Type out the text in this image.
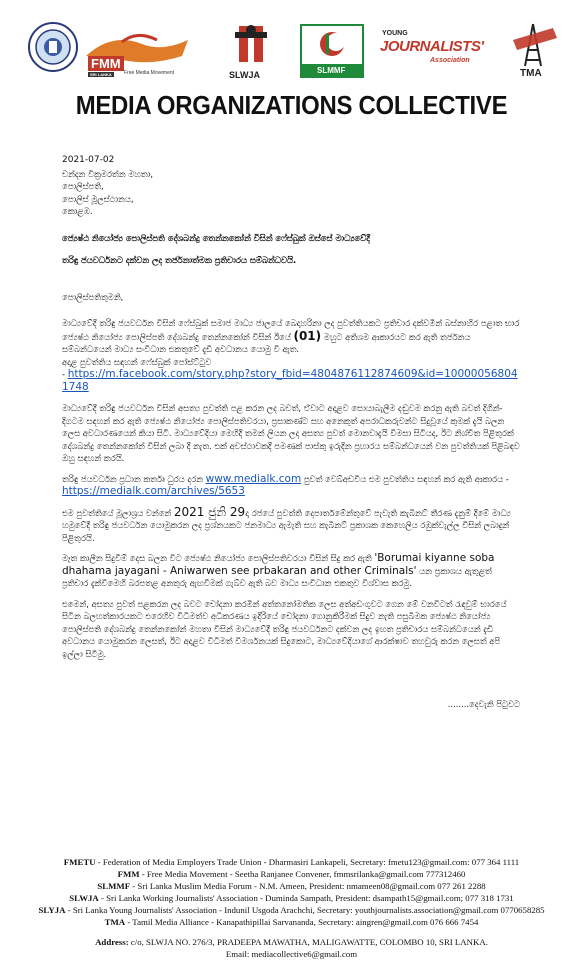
FMM
SRI LANKA	Free Media Movement	SLWJA	SLMMF
YOUNG
JOURNALISTS'
Association
TMA
MEDIA ORGANIZATIONS COLLECTIVE
2021-07-02
චන්දන වික්‍රමරත්න මහතා,
පොලිස්පති,
පොලිස් මූලස්ථානය,
කොළඹ.
ජ්‍යෙෂ්ඨ නියෝජ්‍ය පොලිස්පති දේශබන්දු තෙන්නකෝන් විසින් ෆේස්බුක් ඔස්සේ මාධ්‍යවේදී
තරිඳු ජයවර්ධනට දක්වන ලද තර්ජනාත්මක ප්‍රතිචාරය සම්බන්ධවයි.
පොලිස්පතිතුමනි,

මාධ්‍යවේදී තරිඳු ජයවර්ධන විසින් ෆේස්බුක් සමාජ මාධ්‍ය ජාලයේ බෙදාහරිනා ලද පුවත්තියකට ප්‍රතිචාර දක්වමින් බස්නාහිර පළාත භාර ජ්‍යෙෂ්ඨ නියෝජ්‍ය පොලිස්පති දේශබන්දු තෙන්නකෝන් විසින් ඊයේ (01) මහුට අතිශම ආකාරයට කර ඇති තර්ජනය සම්බන්ධයෙන් මාධ්‍ය සංවිධාන එකතුවේ දැඩි අවධානය යොමු වී ඇත.
අදාළ පුවත්තිය සඳහන් ෆේස්බුක් පෝස්ට්ටුව
- https://m.facebook.com/story.php?story_fbid=4804876112874609&id=100000568041748

මාධ්‍යවේදී තරිඳු ජයවර්ධන විසින් අසත්‍ය පුවත්ති පළ කරන ලද බවත්, ඒවාට අදාළව සොයාබැලීම දඬුවම කරනු ඇති බවත් දිගින්-දිගටම සඳහන් කර ඇති ජ්‍යෙෂ්ඨ නියෝජ්‍ය පොලිස්පතිවරයා, ප්‍රසාකණ්ට සහ අනෙකුත් අපරාධකරුවන්ට සිදුවූයේ කුමක් දැයි බලන ලෙස අවධාරණයෙන් කියා සිටී. මාධ්‍යවේදියා මෙහිදී තමන් ලියන ලද අසත්‍ය පුවත් මොනවාදැයි විමසා සිටියද, ඊට නිශ්චිත පිළිතුරක් දේශබන්දු තෙන්නකෝන් විසින් ලබා දී නැත. එක් අවස්ථාවකදී පමණක් පාස්කු ඉරුදින ප්‍රහාරය සම්බන්ධයෙන් වන පුවත්තියක් පිළිබඳව ඔහු සඳහන් කරයි.

තරිඳු ජයවර්ධන ප්‍රධාන කර්තෘ ධුරය දරන www.medialk.com පුවත් වෙබ්අඩවිය එම පුවත්තිය සඳහන් කර ඇති ආකාරය - https://medialk.com/archives/5653

එම පුවත්තියේ මූලාශ්‍රය වන්නේ 2021 ජුනි 29දා රජයේ පුවත්ති දෙපාර්තමේන්තුවේ පැවැති කැබිනට් තීරණ දැනුම් දීමේ මාධ්‍ය හමුවේදී තරිඳු ජයවර්ධන යොමුකරන ලද ප්‍රශ්නයකට ජනමාධ්‍ය ඇමැති සහ කැබිනට් ප්‍රකාශක කෙහෙලිය රඹුක්වැල්ල විසින් ලබාදුන් පිළිතුරයි.

මෑත කාලීන සිදුවීම් දෙස බලන විට ජ්‍යෙෂ්ඨ නියෝජ්‍ය පොලිස්පතිවරයා විසින් සිදු කර ඇති 'Borumai kiyanne soba dhahama jayagani - Aniwarwen see prbakaran and other Criminals' යන ප්‍රකාශය ඇතුළත් ප්‍රතිචාර දැක්වීමෙහි බරපතළ අනතුරු ඇඟවීමක් ගැබ්ව ඇති බව මාධ්‍ය සංවිධාන එකතුව විශ්වාස කරමු.

එමෙන්, අසත්‍ය පුවත් පළකරන ලද බවට චෝදනා කරමින් අත්තනෝමතික ලෙස අත්අඩංගුවට ගෙන මේ වනවිටත් රැඳවුම් භාරයේ සිටින බලහත්කාරයකට එරෙහිව විධිමත්ව අධිකරණය ඉදිරියේ චෝදනා ගොනුකිරීමක් සිදුව නැති පසුබිමක ජ්‍යෙෂ්ඨ නියෝජ්‍ය පොලිස්පති දේශබන්දු තෙන්නකෝන් මහතා විසින් මාධ්‍යවේදී තරිඳු ජයවර්ධනට දක්වන ලද ඉහත ප්‍රතිචාරය සම්බන්ධයෙන් දැඩි අවධානය යොමුකරන ලෙසත්, ඊට අදාළව විධිමත් විමර්ශනයක් සිදුකොට, මාධ්‍යවේදියාගේ ආරක්ෂාව තහවුරු කරන ලෙසත් අපි ඉල්ලා සිටිමු.

........දෙවැනි පිටුවට
FMETU - Federation of Media Employers Trade Union - Dharmasiri Lankapeli, Secretary: fmetu123@gmail.com: 077 364 1111
FMM - Free Media Movement - Seetha Ranjanee Convener, fmmsrilanka@gmail.com 777312460
SLMMF - Sri Lanka Muslim Media Forum - N.M. Ameen, President: nmameen08@gmail.com 077 261 2288
SLWJA - Sri Lanka Working Journalists' Association - Duminda Sampath, President: dsampath15@gmail.com; 077 318 1731
SLYJA - Sri Lanka Young Journalists' Association - Indunil Usgoda Arachchi, Secretary: youthjournalists.association@gmail.com 0770658285
TMA - Tamil Media Alliance - Kanapathipillai Sarvananda, Secretary: aingren@gmail.com 076 666 7454
Address: c/o, SLWJA NO. 276/3, PRADEEPA MAWATHA, MALIGAWATTE, COLOMBO 10, SRI LANKA.
Email: mediacollective6@gmail.com
